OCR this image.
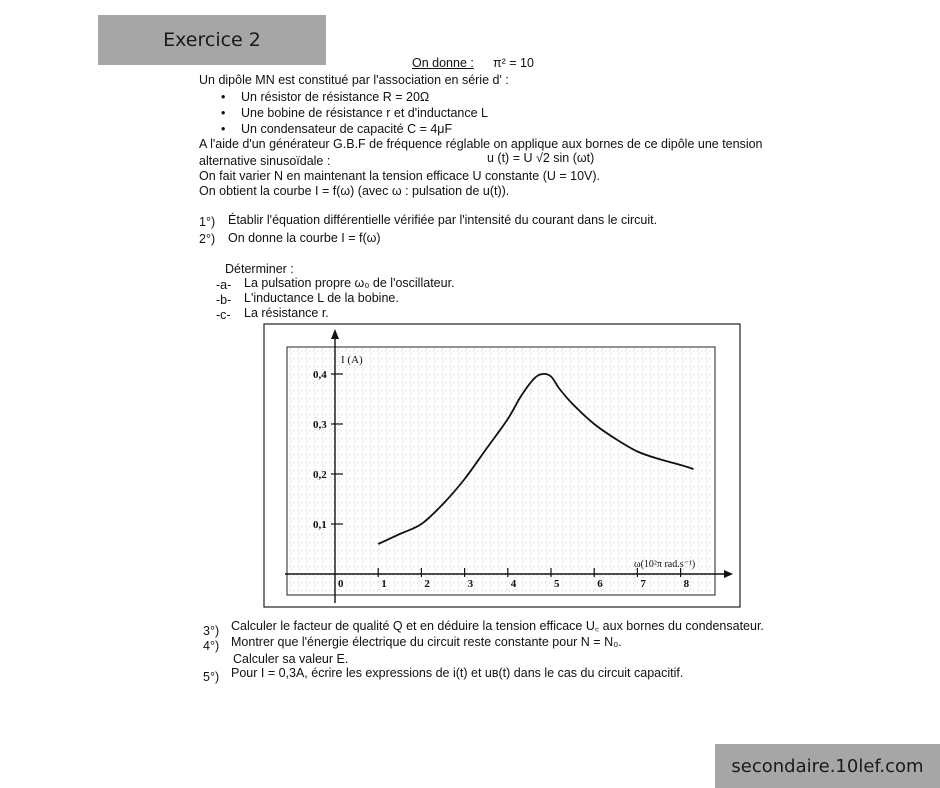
Exercice 2
On donne : π² = 10
Un dipôle MN est constitué par l'association en série d' :
• Un résistor de résistance R = 20Ω
• Une bobine de résistance r et d'inductance L
• Un condensateur de capacité C = 4μF
A l'aide d'un générateur G.B.F de fréquence réglable on applique aux bornes de ce dipôle une tension
alternative sinusoïdale :	u (t) = U √2 sin (ωt)
On fait varier N en maintenant la tension efficace U constante (U = 10V).
On obtient la courbe I = f(ω) (avec ω : pulsation de u(t)).
1°) Établir l'équation différentielle vérifiée par l'intensité du courant dans le circuit.
2°) On donne la courbe I = f(ω)
Déterminer :
-a- La pulsation propre ω₀ de l'oscillateur.
-b- L'inductance L de la bobine.
-c- La résistance r.
0	1	2	3	4	5	6	7	8
0,1
0,2
0,3
0,4
I (A)
ω(10²π rad.s⁻¹)
3°) Calculer le facteur de qualité Q et en déduire la tension efficace U꜀ aux bornes du condensateur.
4°) Montrer que l'énergie électrique du circuit reste constante pour N = N₀.
Calculer sa valeur E.
5°) Pour I = 0,3A, écrire les expressions de i(t) et uв(t) dans le cas du circuit capacitif.
secondaire.10lef.com
